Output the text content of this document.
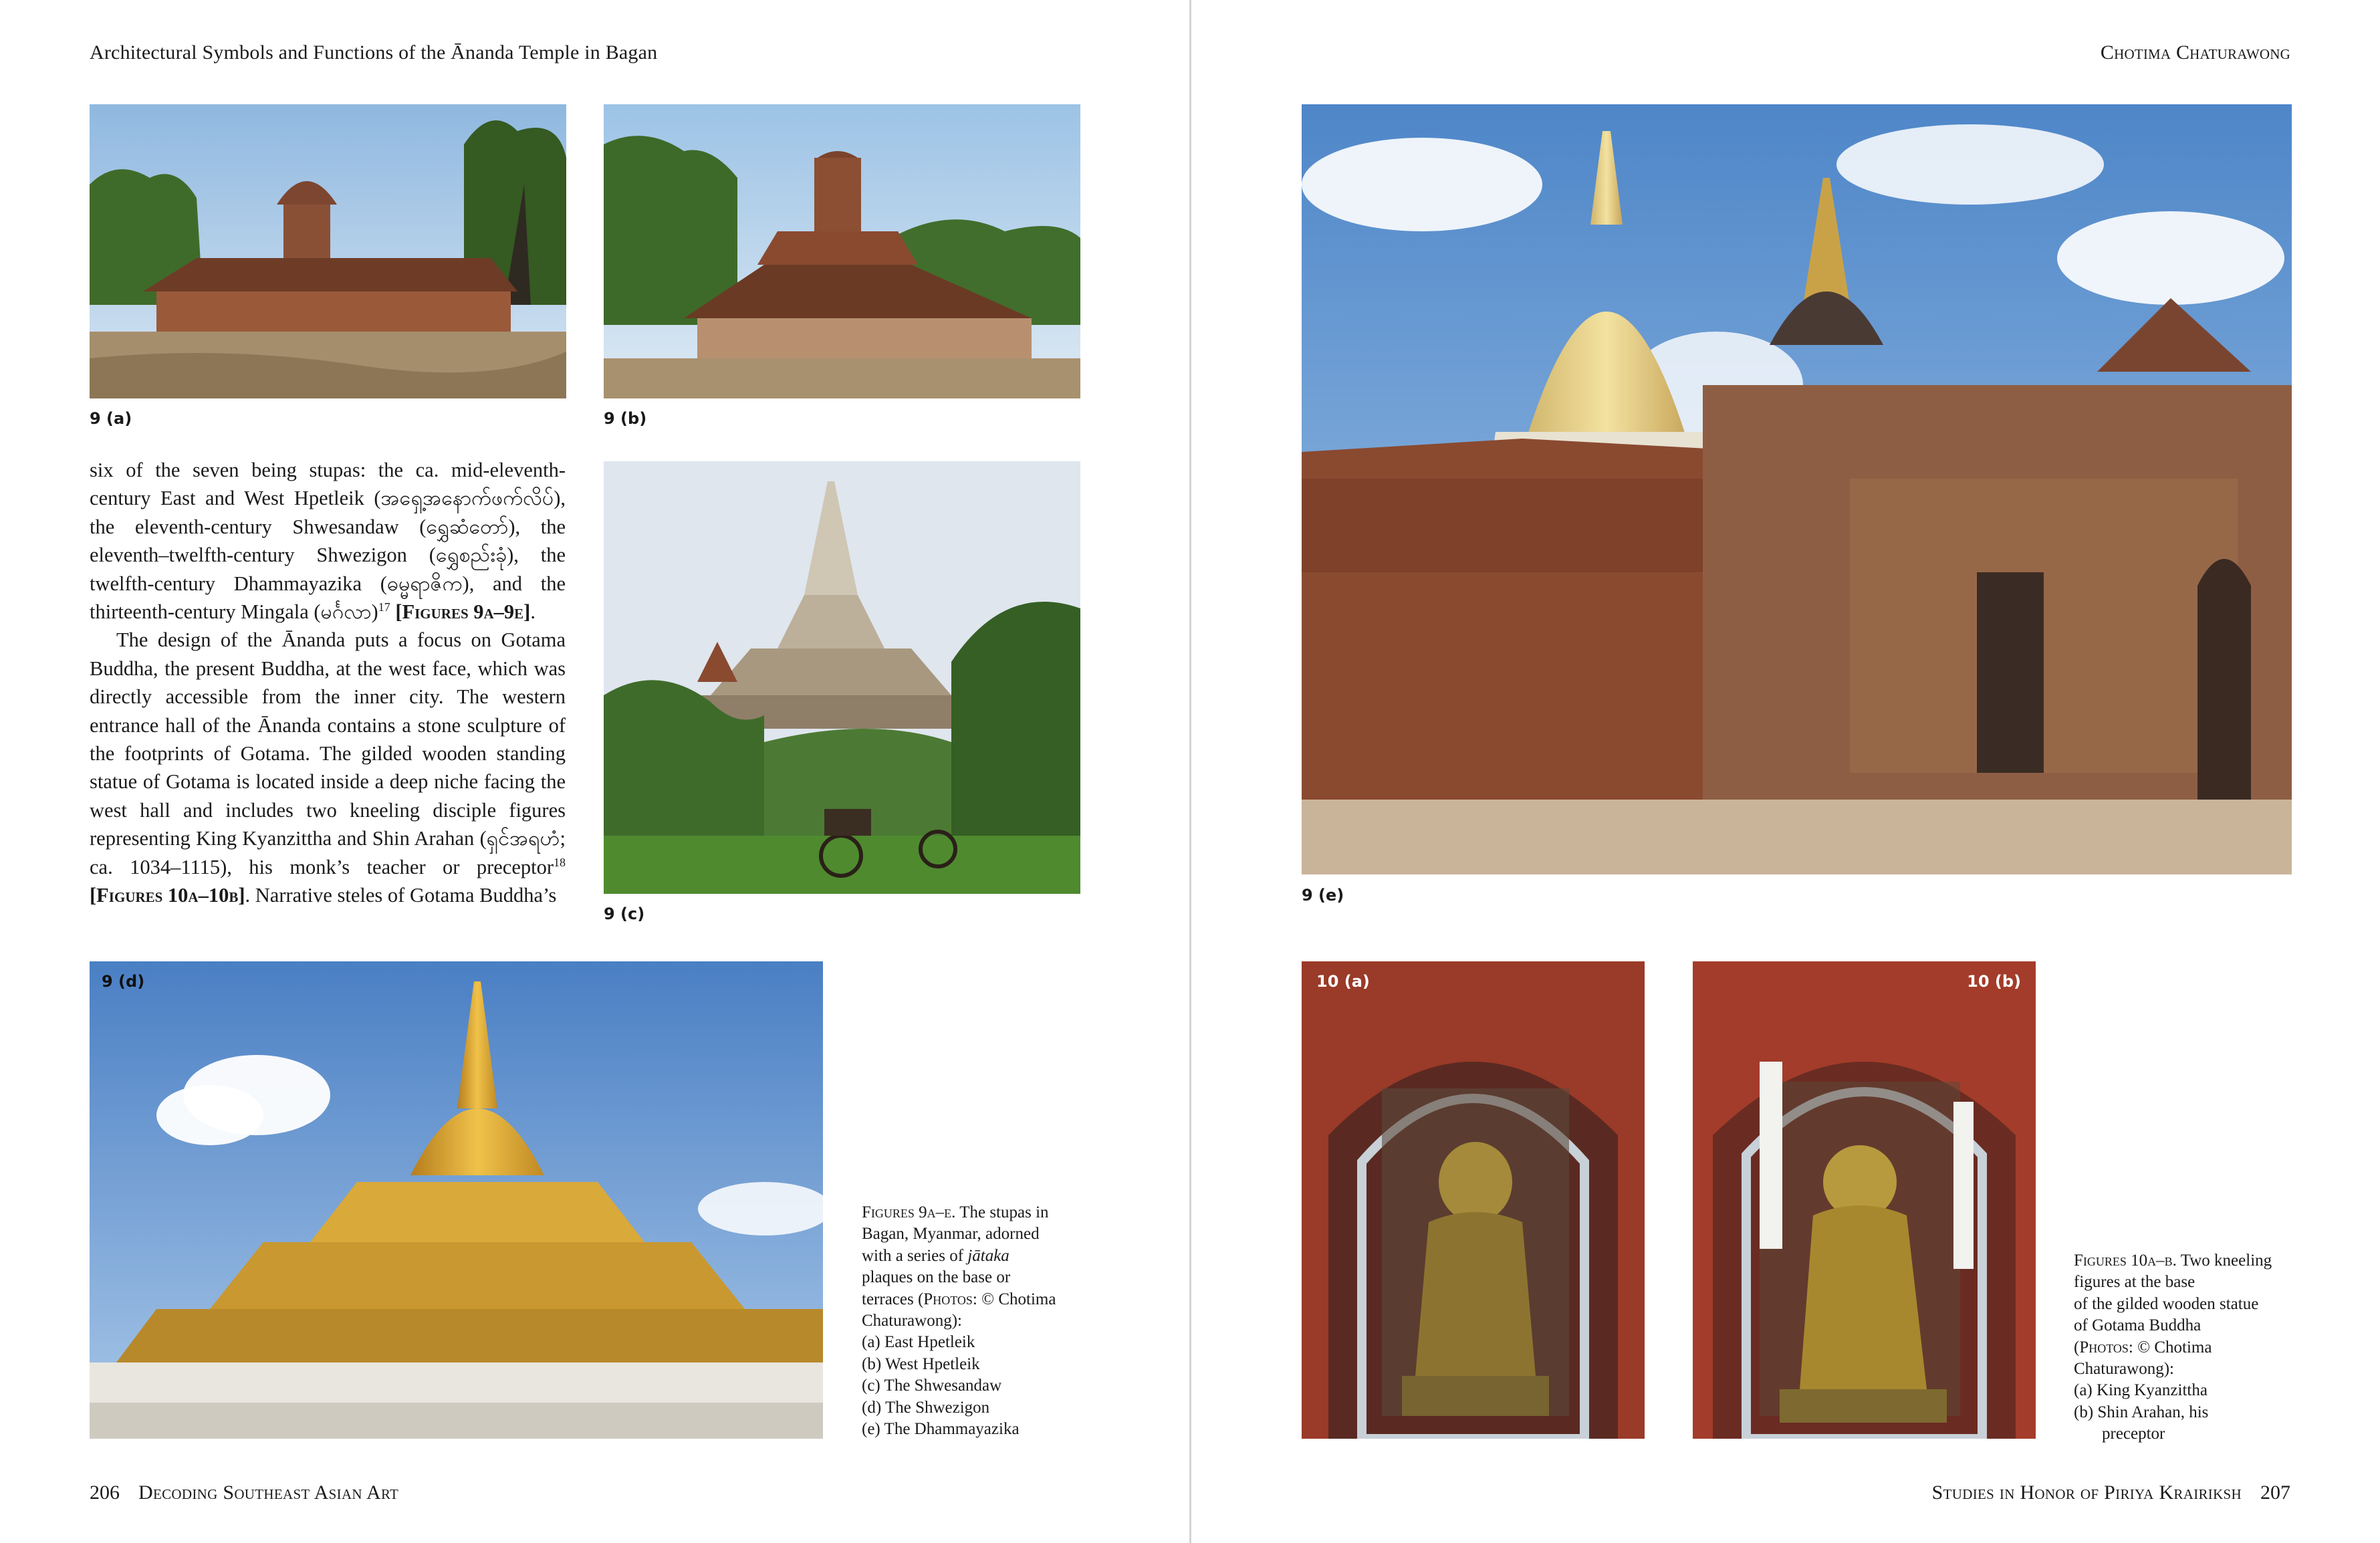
Architectural Symbols and Functions of the Ānanda Temple in Bagan
9 (a)	9 (b)

six of the seven being stupas: the ca. mid-eleventh-century East and West Hpetleik (အရှေ့အနောက်ဖက်လိပ်), the eleventh-century Shwesandaw (ရွှေဆံတော်), the eleventh–twelfth-century Shwezigon (ရွှေစည်းခုံ), the twelfth-century Dhammayazika (ဓမ္မရာဇိက), and the thirteenth-century Mingala (မင်္ဂလာ)$^{17}$ [Figures 9a–9e].

The design of the Ānanda puts a focus on Gotama Buddha, the present Buddha, at the west face, which was directly accessible from the inner city. The western entrance hall of the Ānanda contains a stone sculpture of the footprints of Gotama. The gilded wooden standing statue of Gotama is located inside a deep niche facing the west hall and includes two kneeling disciple figures representing King Kyanzittha and Shin Arahan (ရှင်အရဟံ; ca. 1034–1115), his monk’s teacher or preceptor$^{18}$ [Figures 10a–10b]. Narrative steles of Gotama Buddha’s

9 (c)
9 (d)
Figures 9a–e. The stupas in
Bagan, Myanmar, adorned
with a series of jātaka
plaques on the base or
terraces (Photos: © Chotima
Chaturawong):
(a) East Hpetleik
(b) West Hpetleik
(c) The Shwesandaw
(d) The Shwezigon
(e) The Dhammayazika
206 Decoding Southeast Asian Art
Chotima Chaturawong
9 (e)
10 (a)	10 (b)
Figures 10a–b. Two kneeling
figures at the base
of the gilded wooden statue
of Gotama Buddha
(Photos: © Chotima
Chaturawong):
(a) King Kyanzittha
(b) Shin Arahan, his
preceptor
Studies in Honor of Piriya Krairiksh 207
